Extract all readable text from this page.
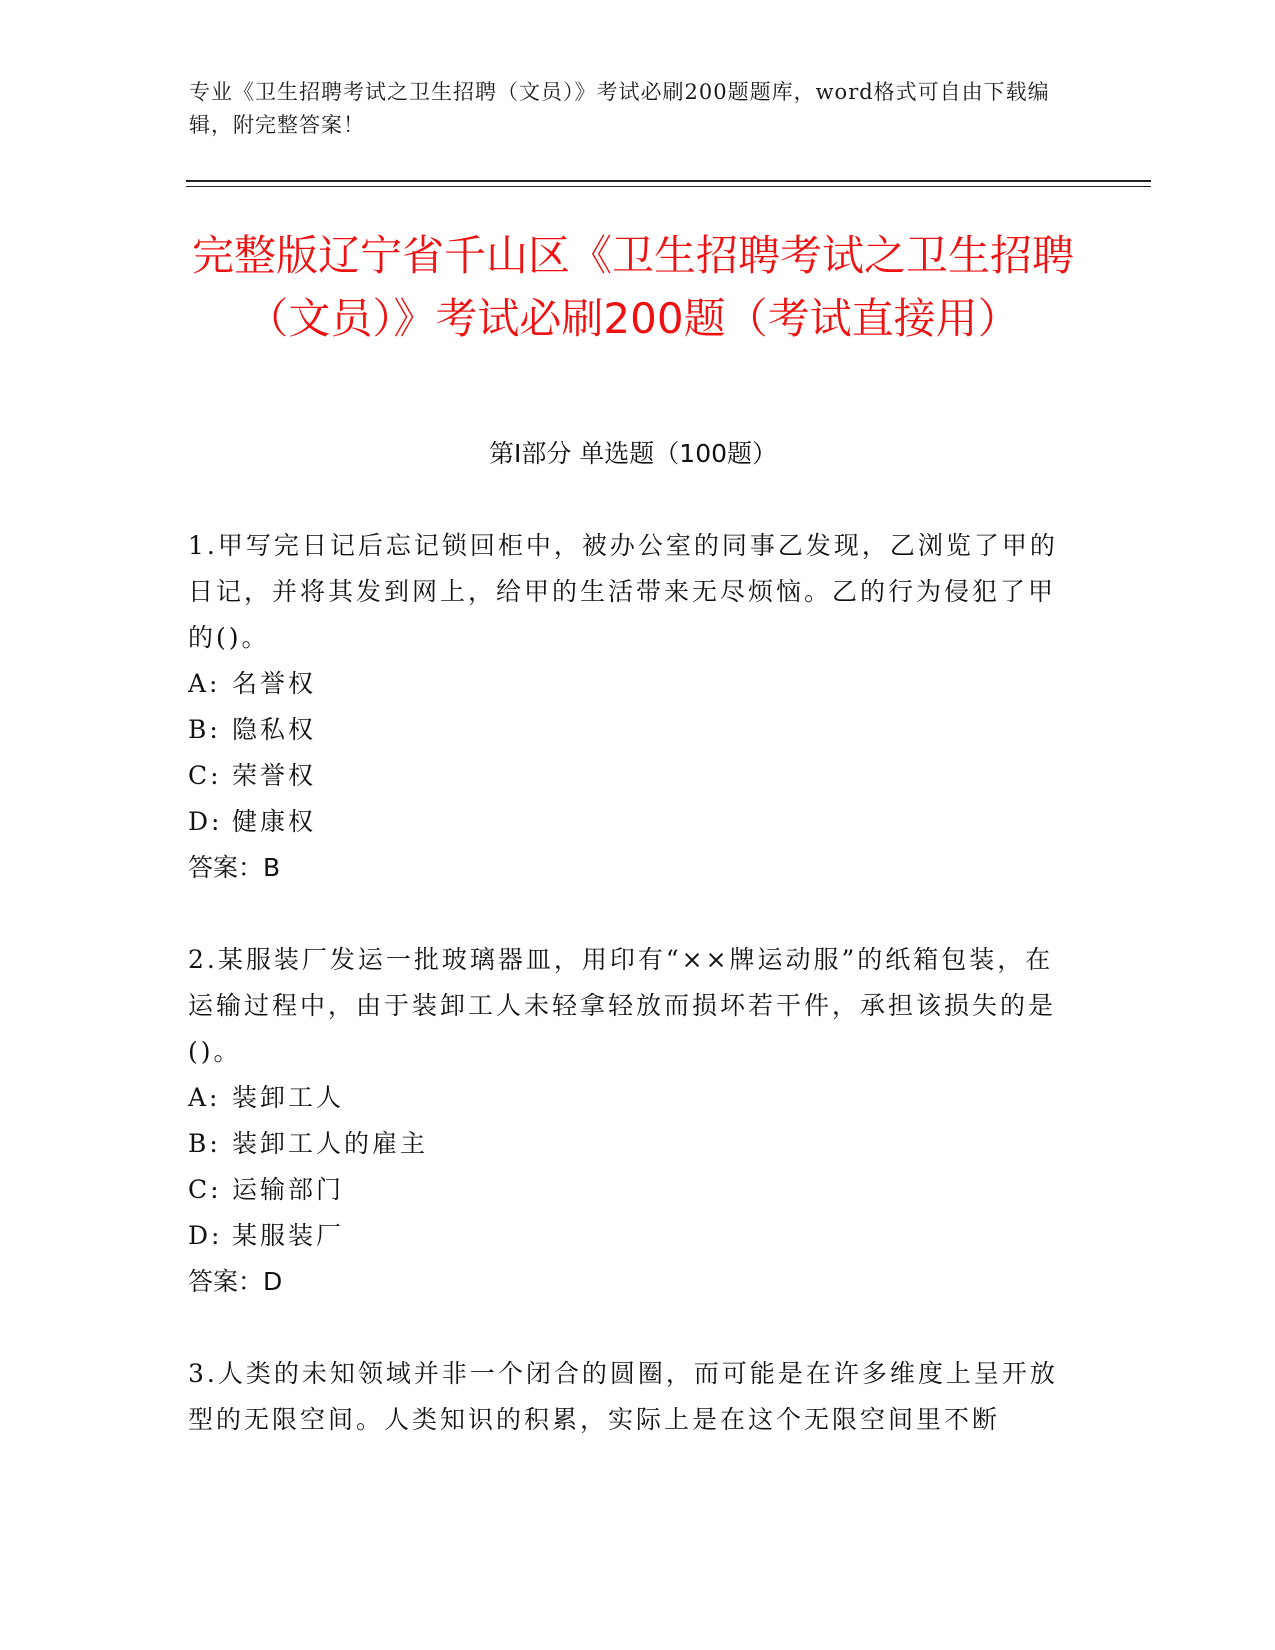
专业《卫生招聘考试之卫生招聘（文员）》考试必刷200题题库，word格式可自由下载编辑，附完整答案！
完整版辽宁省千山区《卫生招聘考试之卫生招聘（文员）》考试必刷200题（考试直接用）
第Ⅰ部分 单选题（100题）

1.甲写完日记后忘记锁回柜中，被办公室的同事乙发现，乙浏览了甲的日记，并将其发到网上，给甲的生活带来无尽烦恼。乙的行为侵犯了甲的()。

A: 名誉权
B: 隐私权
C: 荣誉权
D: 健康权

答案：B

2.某服装厂发运一批玻璃器皿，用印有“××牌运动服”的纸箱包装，在运输过程中，由于装卸工人未轻拿轻放而损坏若干件，承担该损失的是()。

A: 装卸工人
B: 装卸工人的雇主
C: 运输部门
D: 某服装厂

答案：D

3.人类的未知领域并非一个闭合的圆圈，而可能是在许多维度上呈开放型的无限空间。人类知识的积累，实际上是在这个无限空间里不断
